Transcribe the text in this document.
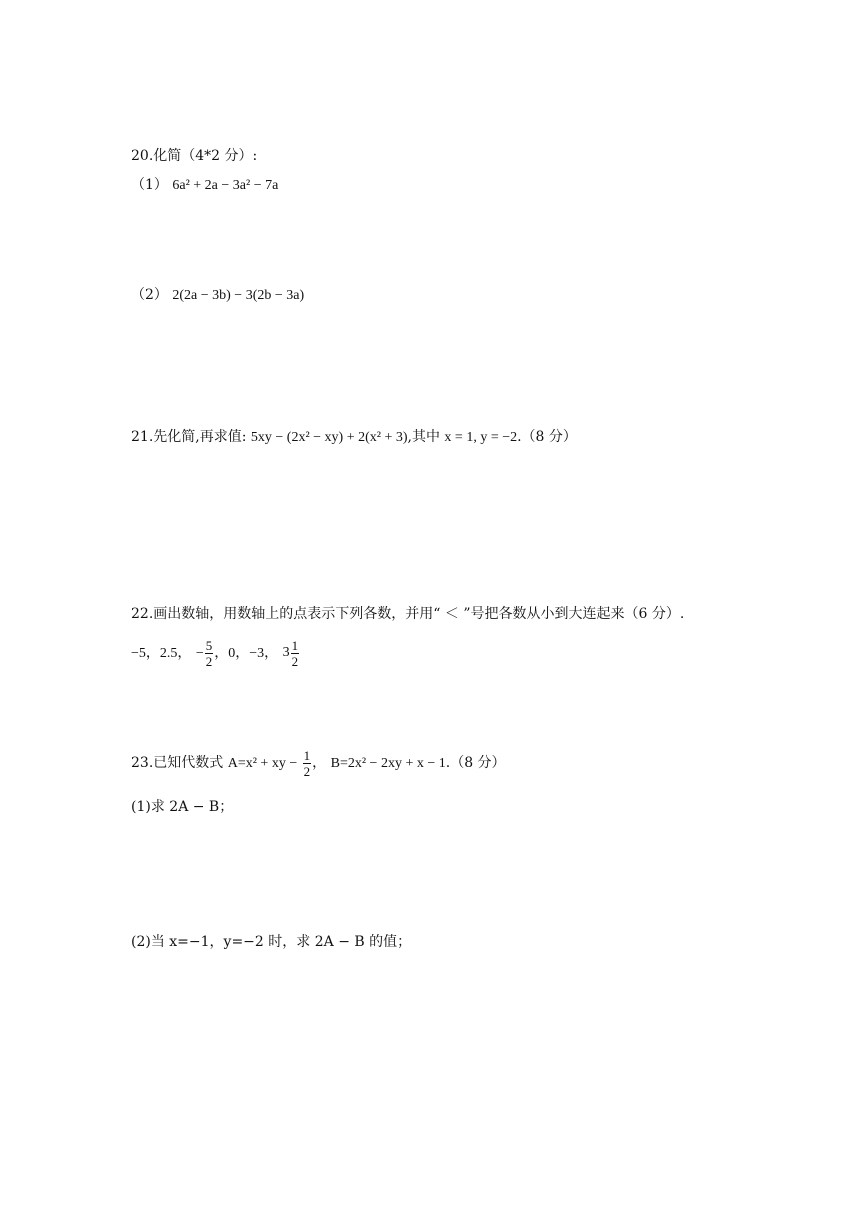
20.化简（4*2 分）:
（1） 6a² + 2a − 3a² − 7a
（2） 2(2a − 3b) − 3(2b − 3a)
21.先化简,再求值: 5xy − (2x² − xy) + 2(x² + 3),其中 x = 1, y = −2.（8 分）
22.画出数轴，用数轴上的点表示下列各数，并用“ ＜ ”号把各数从小到大连起来（6 分）.
−5，2.5， − $\frac{5}{2}$ ，0，−3， $3 \frac{1}{2}$
23.已知代数式 A=x² + xy − $\frac{1}{2}$ ， B=2x² − 2xy + x − 1.（8 分）
(1)求 2A − B；
(2)当 x=−1，y=−2 时，求 2A − B 的值；
